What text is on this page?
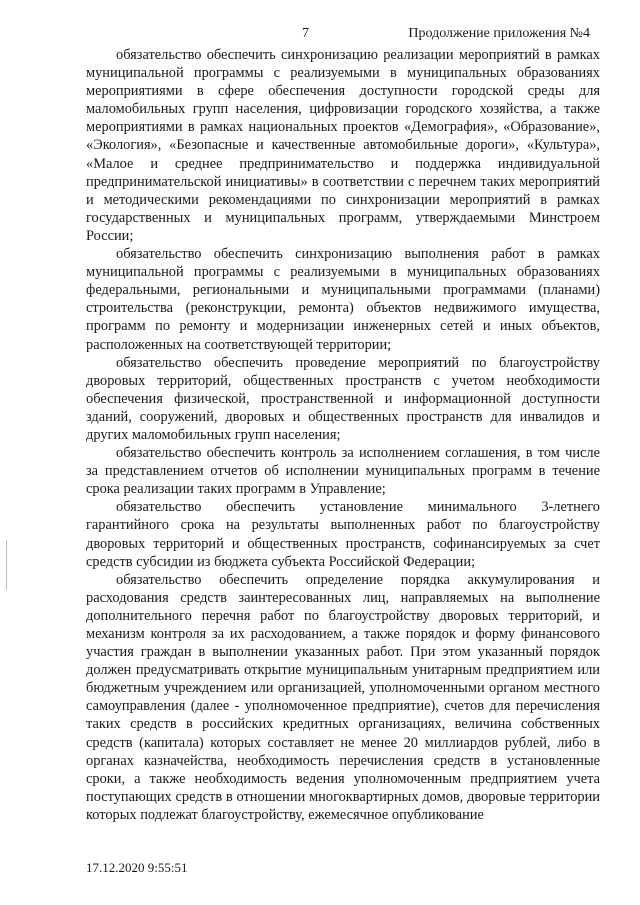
7	Продолжение приложения №4

обязательство обеспечить синхронизацию реализации мероприятий в рамках муниципальной программы с реализуемыми в муниципальных образованиях мероприятиями в сфере обеспечения доступности городской среды для маломобильных групп населения, цифровизации городского хозяйства, а также мероприятиями в рамках национальных проектов «Демография», «Образование», «Экология», «Безопасные и качественные автомобильные дороги», «Культура», «Малое и среднее предпринимательство и поддержка индивидуальной предпринимательской инициативы» в соответствии с перечнем таких мероприятий и методическими рекомендациями по синхронизации мероприятий в рамках государственных и муниципальных программ, утверждаемыми Минстроем России;

обязательство обеспечить синхронизацию выполнения работ в рамках муниципальной программы с реализуемыми в муниципальных образованиях федеральными, региональными и муниципальными программами (планами) строительства (реконструкции, ремонта) объектов недвижимого имущества, программ по ремонту и модернизации инженерных сетей и иных объектов, расположенных на соответствующей территории;

обязательство обеспечить проведение мероприятий по благоустройству дворовых территорий, общественных пространств с учетом необходимости обеспечения физической, пространственной и информационной доступности зданий, сооружений, дворовых и общественных пространств для инвалидов и других маломобильных групп населения;

обязательство обеспечить контроль за исполнением соглашения, в том числе за представлением отчетов об исполнении муниципальных программ в течение срока реализации таких программ в Управление;

обязательство обеспечить установление минимального 3-летнего гарантийного срока на результаты выполненных работ по благоустройству дворовых территорий и общественных пространств, софинансируемых за счет средств субсидии из бюджета субъекта Российской Федерации;

обязательство обеспечить определение порядка аккумулирования и расходования средств заинтересованных лиц, направляемых на выполнение дополнительного перечня работ по благоустройству дворовых территорий, и механизм контроля за их расходованием, а также порядок и форму финансового участия граждан в выполнении указанных работ. При этом указанный порядок должен предусматривать открытие муниципальным унитарным предприятием или бюджетным учреждением или организацией, уполномоченными органом местного самоуправления (далее - уполномоченное предприятие), счетов для перечисления таких средств в российских кредитных организациях, величина собственных средств (капитала) которых составляет не менее 20 миллиардов рублей, либо в органах казначейства, необходимость перечисления средств в установленные сроки, а также необходимость ведения уполномоченным предприятием учета поступающих средств в отношении многоквартирных домов, дворовые территории которых подлежат благоустройству, ежемесячное опубликование

17.12.2020 9:55:51
